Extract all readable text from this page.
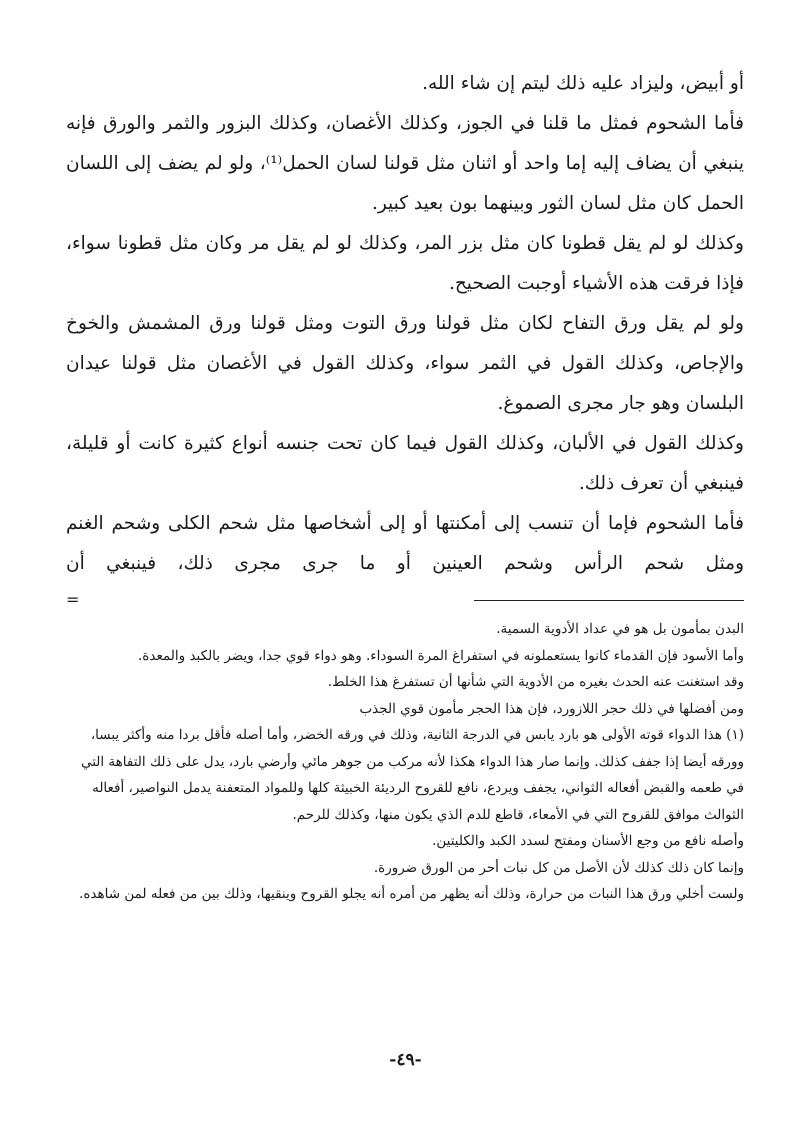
أو أبيض، وليزاد عليه ذلك ليتم إن شاء الله.

فأما الشحوم فمثل ما قلنا في الجوز، وكذلك الأغصان، وكذلك البزور والثمر والورق فإنه ينبغي أن يضاف إليه إما واحد أو اثنان مثل قولنا لسان الحمل⁽¹⁾، ولو لم يضف إلى اللسان الحمل كان مثل لسان الثور وبينهما بون بعيد كبير.

وكذلك لو لم يقل قطونا كان مثل بزر المر، وكذلك لو لم يقل مر وكان مثل قطونا سواء، فإذا فرقت هذه الأشياء أوجبت الصحيح.

ولو لم يقل ورق التفاح لكان مثل قولنا ورق التوت ومثل قولنا ورق المشمش والخوخ والإجاص، وكذلك القول في الثمر سواء، وكذلك القول في الأغصان مثل قولنا عيدان البلسان وهو جار مجرى الصموغ.

وكذلك القول في الألبان، وكذلك القول فيما كان تحت جنسه أنواع كثيرة كانت أو قليلة، فينبغي أن تعرف ذلك.

فأما الشحوم فإما أن تنسب إلى أمكنتها أو إلى أشخاصها مثل شحم الكلى وشحم الغنم ومثل شحم الرأس وشحم العينين أو ما جرى مجرى ذلك، فينبغي أن

=

البدن بمأمون بل هو في عداد الأدوية السمية.

وأما الأسود فإن القدماء كانوا يستعملونه في استفراغ المرة السوداء. وهو دواء قوي جدا، ويضر بالكبد والمعدة.

وقد استغنت عنه الحدث بغيره من الأدوية التي شأنها أن تستفرغ هذا الخلط.

ومن أفضلها في ذلك حجر اللازورد، فإن هذا الحجر مأمون قوي الجذب

(١) هذا الدواء قوته الأولى هو بارد يابس في الدرجة الثانية، وذلك في ورقه الخضر، وأما أصله فأقل بردا منه وأكثر يبسا، وورقه أيضا إذا جفف كذلك. وإنما صار هذا الدواء هكذا لأنه مركب من جوهر مائي وأرضي بارد، يدل على ذلك التفاهة التي في طعمه والقبض أفعاله الثواني، يجفف ويردع، نافع للقروح الرديئة الخبيثة كلها وللمواد المتعفنة يدمل النواصير، أفعاله الثوالث موافق للقروح التي في الأمعاء، قاطع للدم الذي يكون منها، وكذلك للرحم.

وأصله نافع من وجع الأسنان ومفتح لسدد الكبد والكليتين.

وإنما كان ذلك كذلك لأن الأصل من كل نبات أحر من الورق ضرورة.

ولست أخلي ورق هذا النبات من حرارة، وذلك أنه يظهر من أمره أنه يجلو القروح وينقيها، وذلك بين من فعله لمن شاهده.

-٤٩-
